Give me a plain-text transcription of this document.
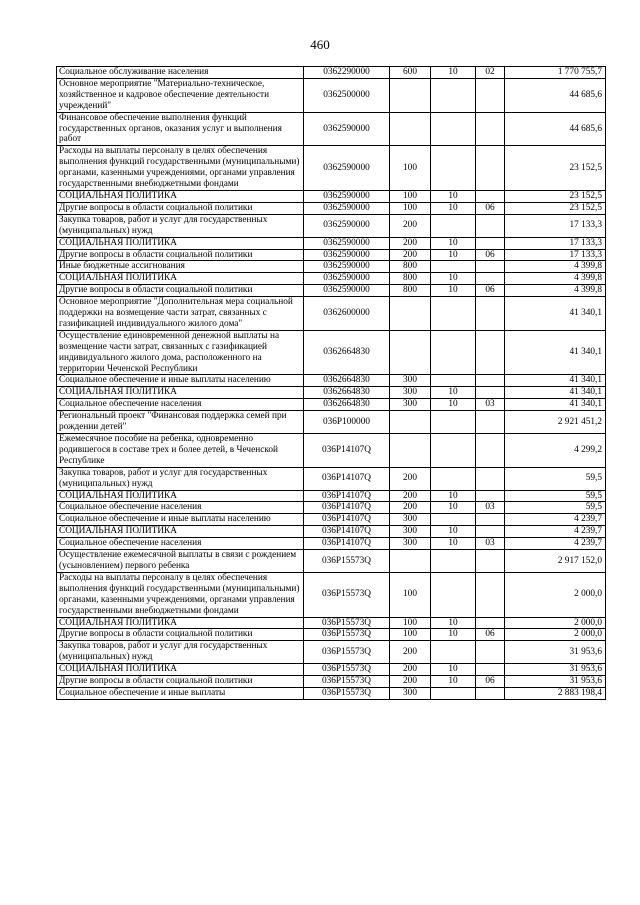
460
Социальное обслуживание населения	0362290000	600	10	02	1 770 755,7
Основное мероприятие "Материально-техническое, хозяйственное и кадровое обеспечение деятельности учреждений"	0362500000				44 685,6
Финансовое обеспечение выполнения функций государственных органов, оказания услуг и выполнения работ	0362590000				44 685,6
Расходы на выплаты персоналу в целях обеспечения выполнения функций государственными (муниципальными) органами, казенными учреждениями, органами управления государственными внебюджетными фондами	0362590000	100			23 152,5
СОЦИАЛЬНАЯ ПОЛИТИКА	0362590000	100	10		23 152,5
Другие вопросы в области социальной политики	0362590000	100	10	06	23 152,5
Закупка товаров, работ и услуг для государственных (муниципальных) нужд	0362590000	200			17 133,3
СОЦИАЛЬНАЯ ПОЛИТИКА	0362590000	200	10		17 133,3
Другие вопросы в области социальной политики	0362590000	200	10	06	17 133,3
Иные бюджетные ассигнования	0362590000	800			4 399,8
СОЦИАЛЬНАЯ ПОЛИТИКА	0362590000	800	10		4 399,8
Другие вопросы в области социальной политики	0362590000	800	10	06	4 399,8
Основное мероприятие "Дополнительная мера социальной поддержки на возмещение части затрат, связанных с газификацией индивидуального жилого дома"	0362600000				41 340,1
Осуществление единовременной денежной выплаты на возмещение части затрат, связанных с газификацией индивидуального жилого дома, расположенного на территории Чеченской Республики	0362664830				41 340,1
Социальное обеспечение и иные выплаты населению	0362664830	300			41 340,1
СОЦИАЛЬНАЯ ПОЛИТИКА	0362664830	300	10		41 340,1
Социальное обеспечение населения	0362664830	300	10	03	41 340,1
Региональный проект "Финансовая поддержка семей при рождении детей"	036P100000				2 921 451,2
Ежемесячное пособие на ребенка, одновременно родившегося в составе трех и более детей, в Чеченской Республике	036P14107Q				4 299,2
Закупка товаров, работ и услуг для государственных (муниципальных) нужд	036P14107Q	200			59,5
СОЦИАЛЬНАЯ ПОЛИТИКА	036P14107Q	200	10		59,5
Социальное обеспечение населения	036P14107Q	200	10	03	59,5
Социальное обеспечение и иные выплаты населению	036P14107Q	300			4 239,7
СОЦИАЛЬНАЯ ПОЛИТИКА	036P14107Q	300	10		4 239,7
Социальное обеспечение населения	036P14107Q	300	10	03	4 239,7
Осуществление ежемесячной выплаты в связи с рождением (усыновлением) первого ребенка	036P15573Q				2 917 152,0
Расходы на выплаты персоналу в целях обеспечения выполнения функций государственными (муниципальными) органами, казенными учреждениями, органами управления государственными внебюджетными фондами	036P15573Q	100			2 000,0
СОЦИАЛЬНАЯ ПОЛИТИКА	036P15573Q	100	10		2 000,0
Другие вопросы в области социальной политики	036P15573Q	100	10	06	2 000,0
Закупка товаров, работ и услуг для государственных (муниципальных) нужд	036P15573Q	200			31 953,6
СОЦИАЛЬНАЯ ПОЛИТИКА	036P15573Q	200	10		31 953,6
Другие вопросы в области социальной политики	036P15573Q	200	10	06	31 953,6
Социальное обеспечение и иные выплаты	036P15573Q	300			2 883 198,4
